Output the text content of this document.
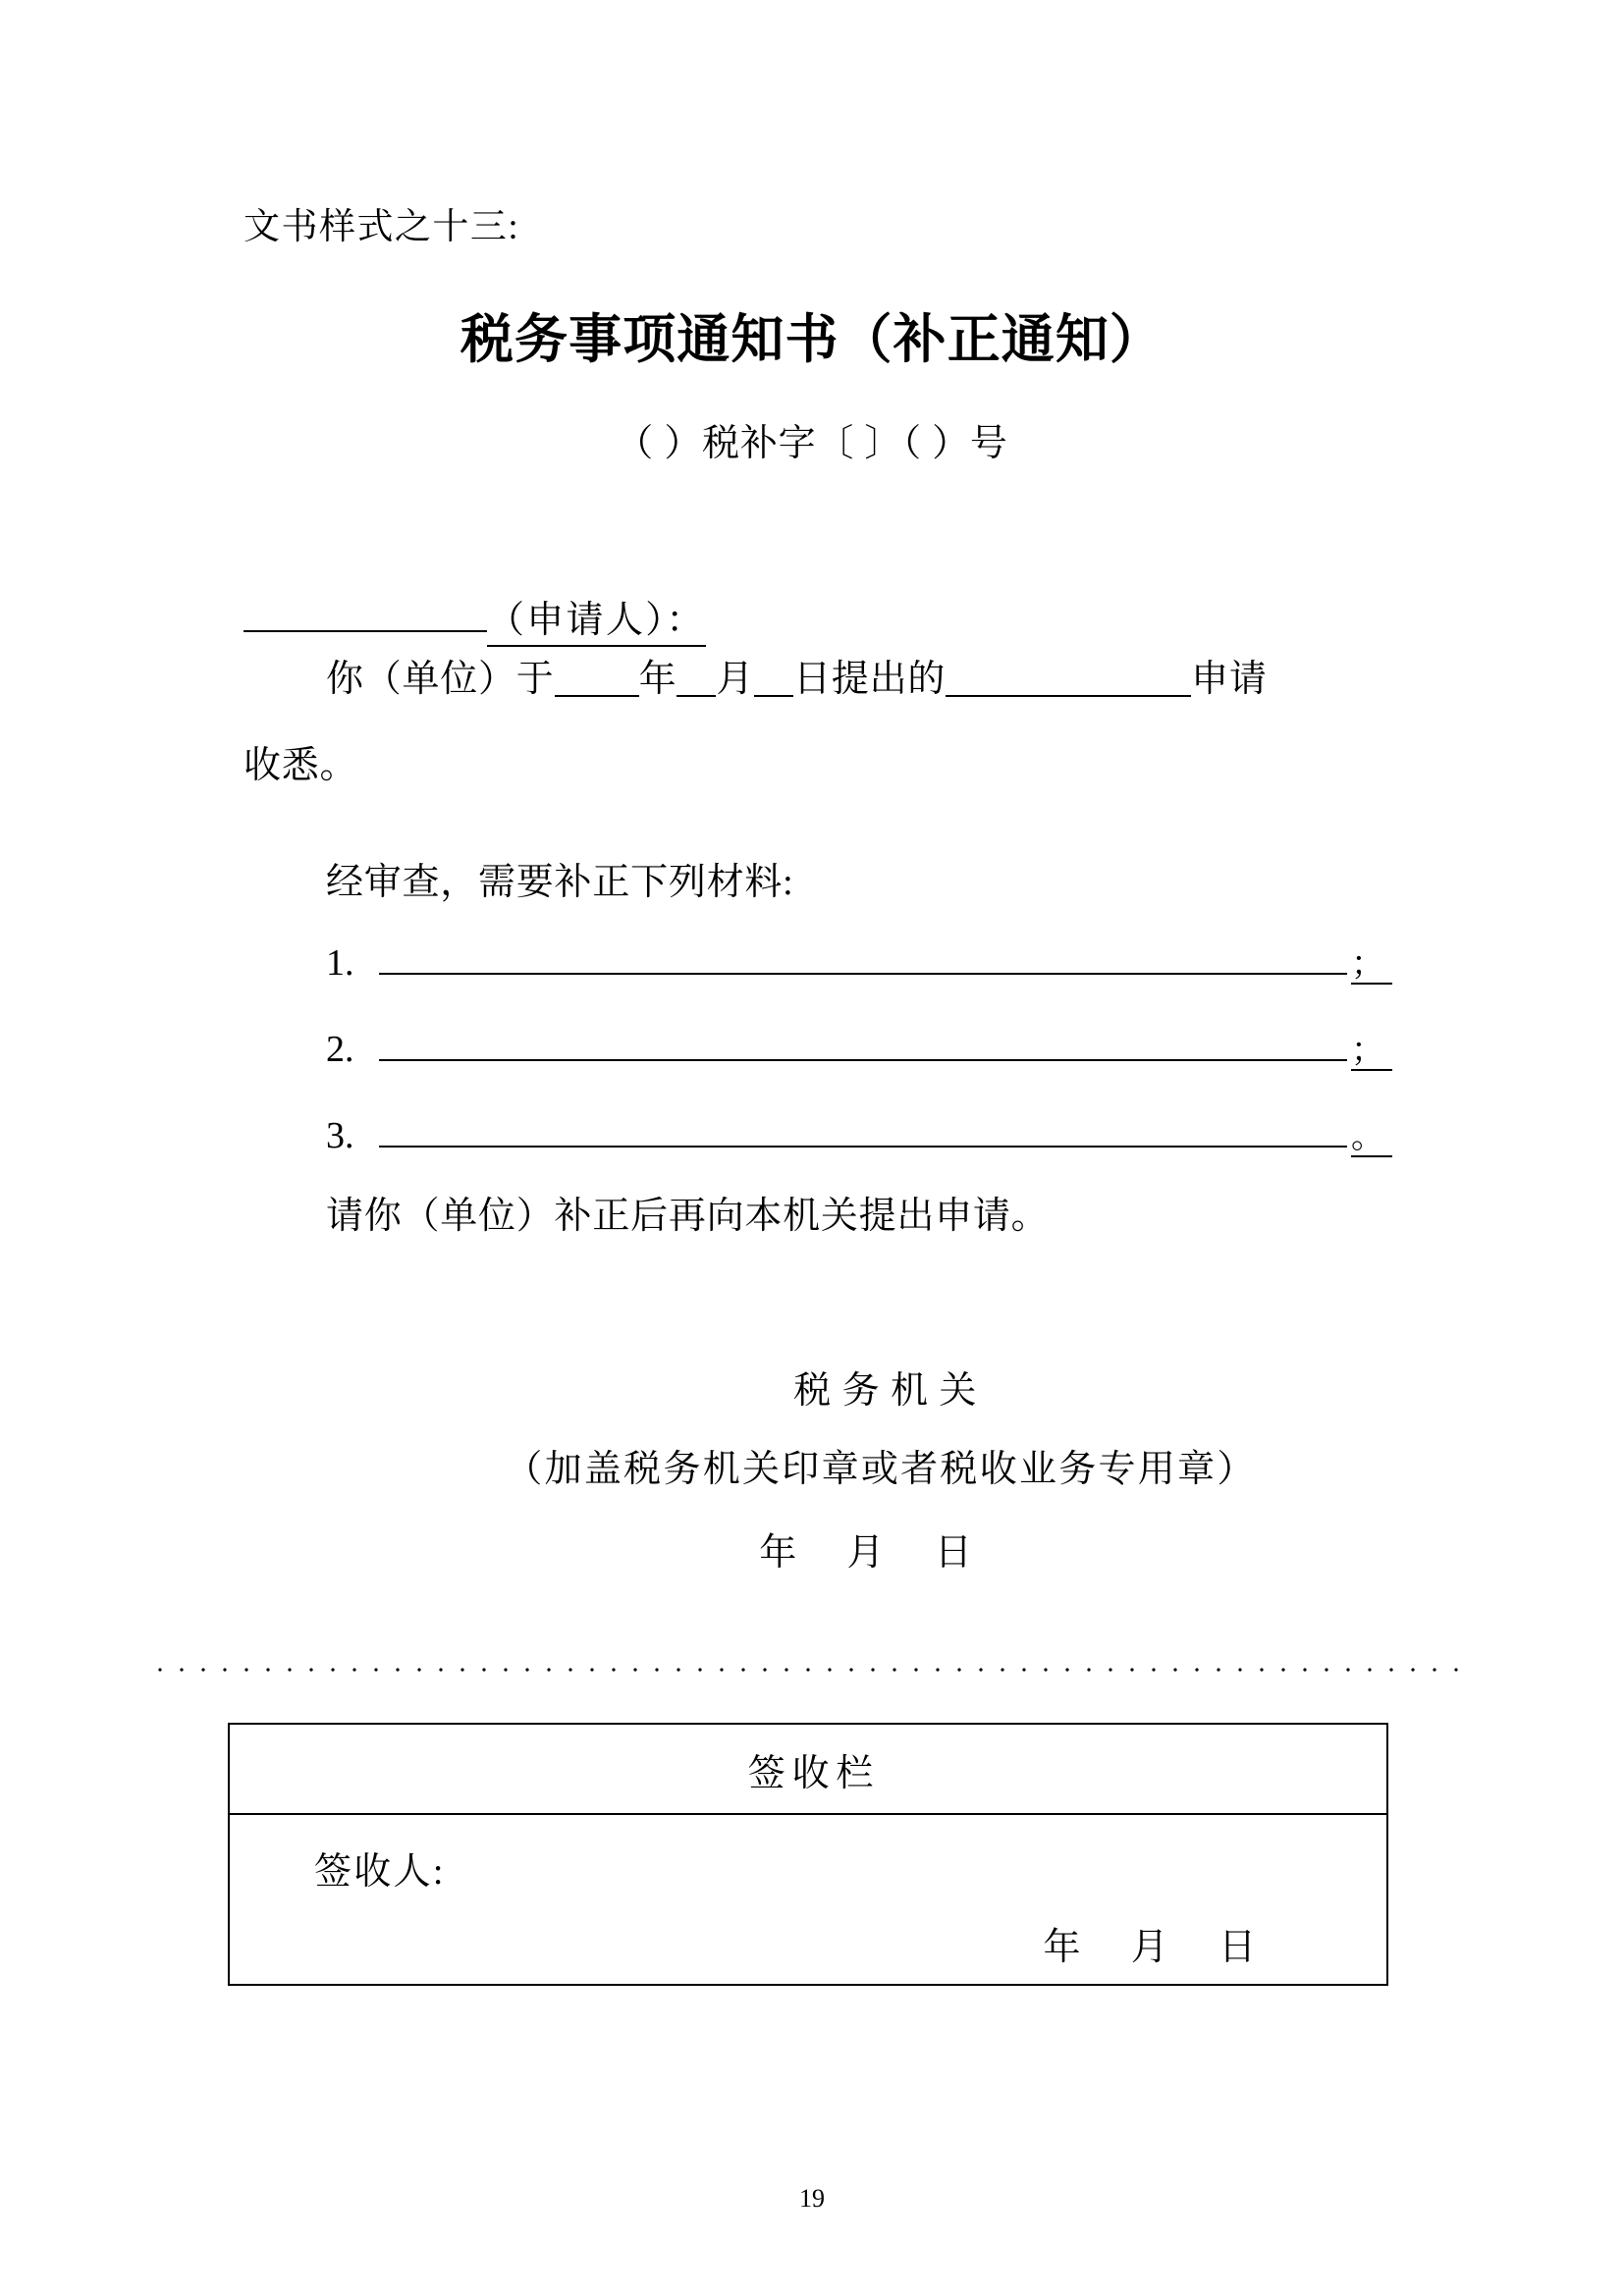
文书样式之十三:
税务事项通知书（补正通知）
（ ）税补字〔 〕（ ）号
（申请人）：
你（单位）于 年 月 日提出的	申请
收悉。
经审查，需要补正下列材料:
1.	；
2.	；
3.	。
请你（单位）补正后再向本机关提出申请。
税务机关
（加盖税务机关印章或者税收业务专用章）
年 月 日
签收栏
签收人:
年 月 日
19
